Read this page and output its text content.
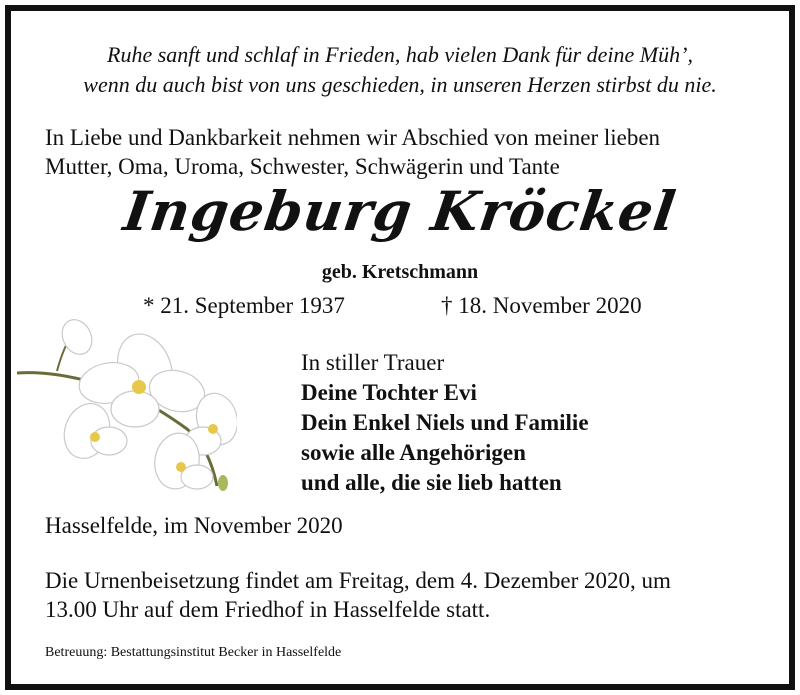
Ruhe sanft und schlaf in Frieden, hab vielen Dank für deine Müh’,
wenn du auch bist von uns geschieden, in unseren Herzen stirbst du nie.
In Liebe und Dankbarkeit nehmen wir Abschied von meiner lieben
Mutter, Oma, Uroma, Schwester, Schwägerin und Tante
Ingeburg Kröckel
geb. Kretschmann
* 21. September 1937	† 18. November 2020
In stiller Trauer
Deine Tochter Evi
Dein Enkel Niels und Familie
sowie alle Angehörigen
und alle, die sie lieb hatten
Hasselfelde, im November 2020
Die Urnenbeisetzung findet am Freitag, dem 4. Dezember 2020, um
13.00 Uhr auf dem Friedhof in Hasselfelde statt.
Betreuung: Bestattungsinstitut Becker in Hasselfelde
